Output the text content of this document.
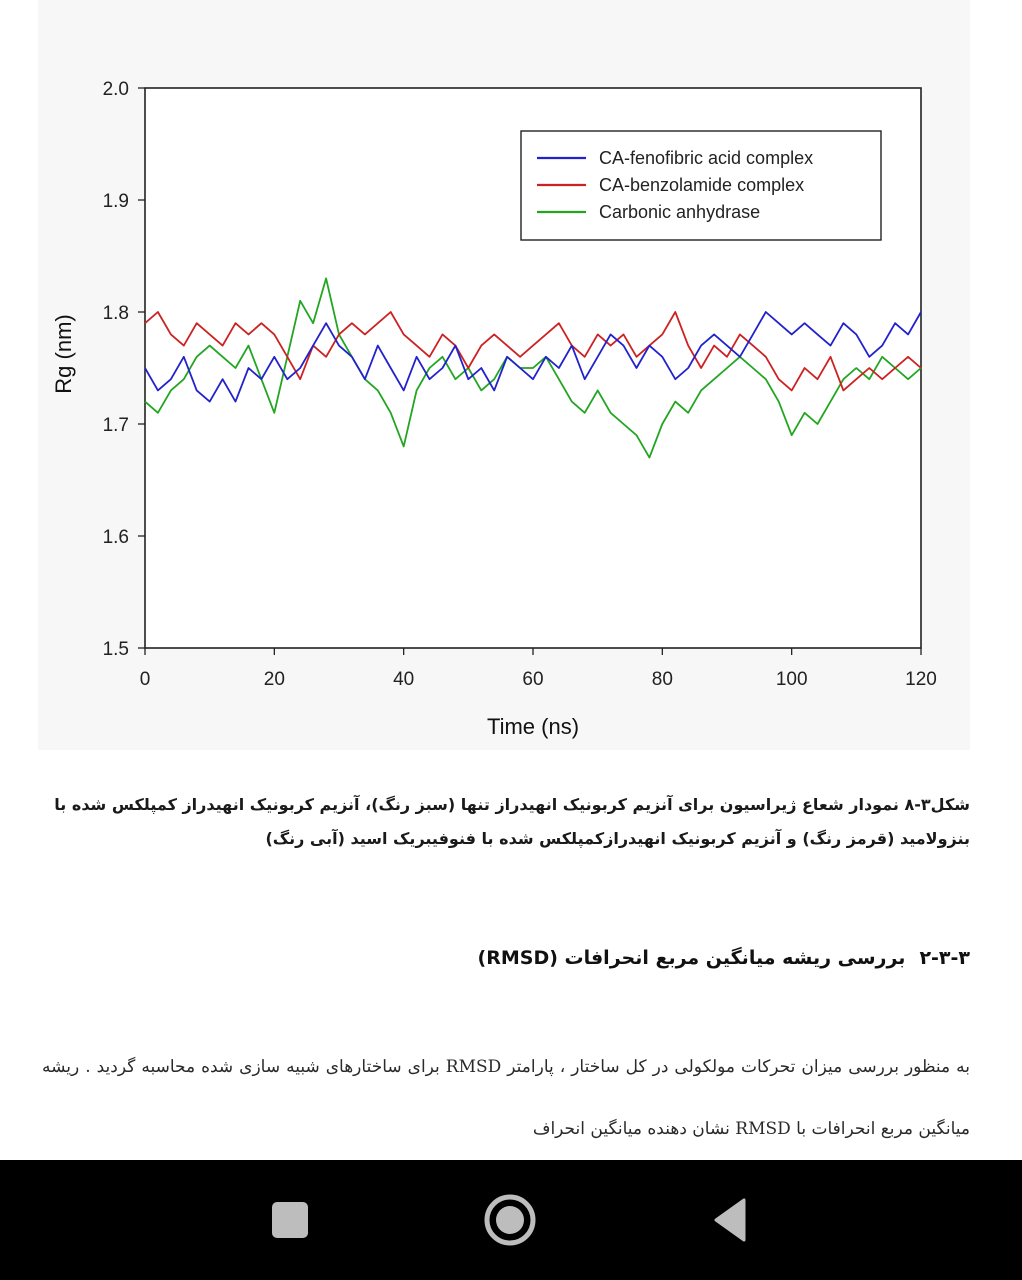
0	20	40	60	80	100	120
1.5
1.6
1.7
1.8
1.9
2.0
Time (ns)
Rg (nm)
CA-fenofibric acid complex
CA-benzolamide complex
Carbonic anhydrase
شکل۳-۸ نمودار شعاع ژیراسیون برای آنزیم کربونیک انهیدراز تنها (سبز رنگ)، آنزیم کربونیک انهیدراز کمپلکس شده با بنزولامید (قرمز رنگ) و آنزیم کربونیک انهیدرازکمپلکس شده با فنوفیبریک اسید (آبی رنگ)
۲-۳-۳بررسی ریشه میانگین مربع انحرافات (RMSD)
به منظور بررسی میزان تحرکات مولکولی در کل ساختار ، پارامتر RMSD برای ساختارهای شبیه سازی شده محاسبه گردید . ریشه میانگین مربع انحرافات با RMSD نشان دهنده میانگین انحراف
